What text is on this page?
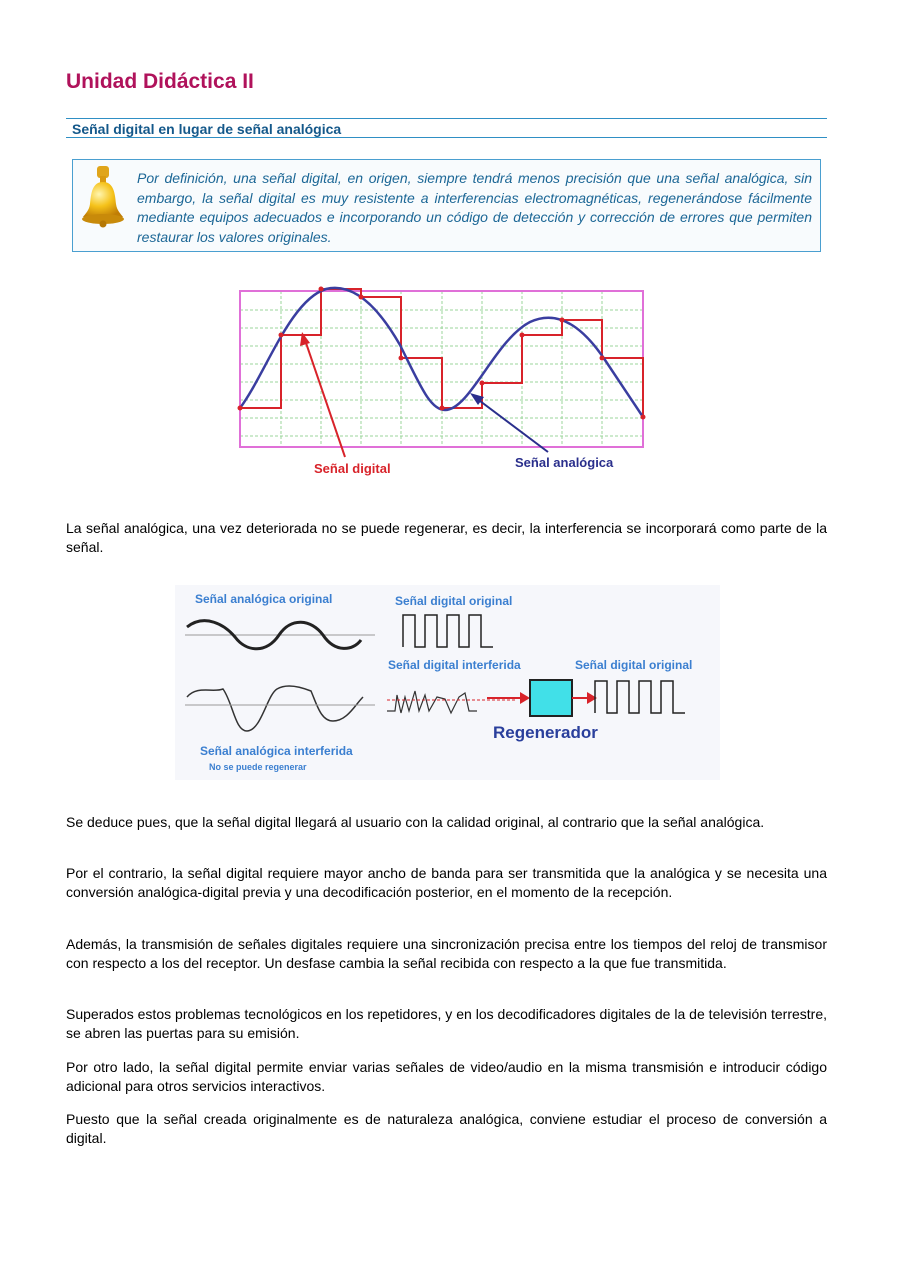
Unidad Didáctica II
Señal digital en lugar de señal analógica

Por definición, una señal digital, en origen, siempre tendrá menos precisión que una señal analógica, sin embargo, la señal digital es muy resistente a interferencias electromagnéticas, regenerándose fácilmente mediante equipos adecuados e incorporando un código de detección y corrección de errores que permiten restaurar los valores originales.

Señal digital	Señal analógica

La señal analógica, una vez deteriorada no se puede regenerar, es decir, la interferencia se incorporará como parte de la señal.

Señal analógica original
Señal analógica interferida
No se puede regenerar
Señal digital original
Señal digital interferida
Regenerador
Señal digital original

Se deduce pues, que la señal digital llegará al usuario con la calidad original, al contrario que la señal analógica.

Por el contrario, la señal digital requiere mayor ancho de banda para ser transmitida que la analógica y se necesita una conversión analógica-digital previa y una decodificación posterior, en el momento de la recepción.

Además, la transmisión de señales digitales requiere una sincronización precisa entre los tiempos del reloj de transmisor con respecto a los del receptor. Un desfase cambia la señal recibida con respecto a la que fue transmitida.

Superados estos problemas tecnológicos en los repetidores, y en los decodificadores digitales de la de televisión terrestre, se abren las puertas para su emisión.

Por otro lado, la señal digital permite enviar varias señales de video/audio en la misma transmisión e introducir código adicional para otros servicios interactivos.

Puesto que la señal creada originalmente es de naturaleza analógica, conviene estudiar el proceso de conversión a digital.
